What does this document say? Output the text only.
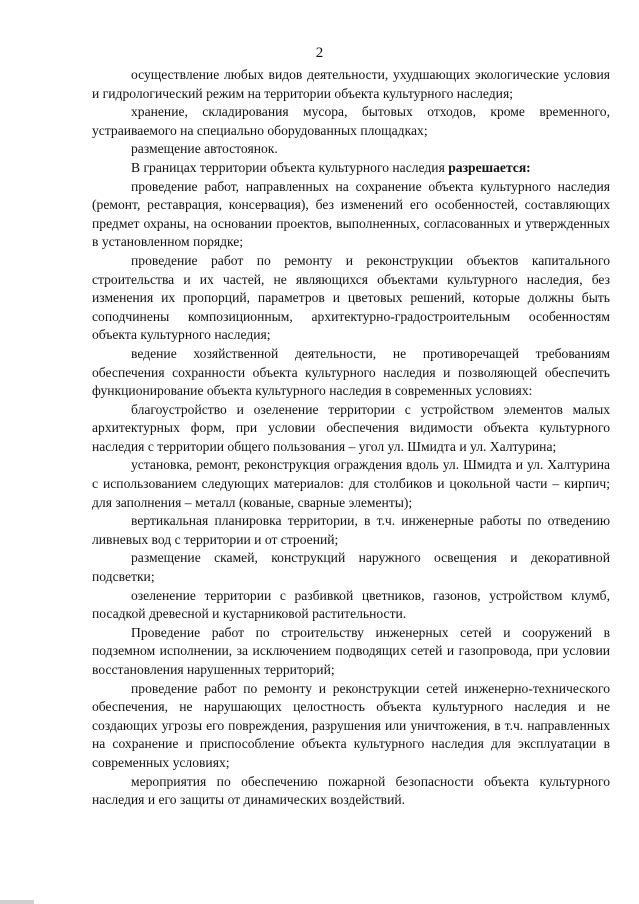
2

осуществление любых видов деятельности, ухудшающих экологические условия и гидрологический режим на территории объекта культурного наследия;

хранение, складирования мусора, бытовых отходов, кроме временного, устраиваемого на специально оборудованных площадках;

размещение автостоянок.

В границах территории объекта культурного наследия разрешается:

проведение работ, направленных на сохранение объекта культурного наследия (ремонт, реставрация, консервация), без изменений его особенностей, составляющих предмет охраны, на основании проектов, выполненных, согласованных и утвержденных в установленном порядке;

проведение работ по ремонту и реконструкции объектов капитального строительства и их частей, не являющихся объектами культурного наследия, без изменения их пропорций, параметров и цветовых решений, которые должны быть соподчинены композиционным, архитектурно-градостроительным особенностям объекта культурного наследия;

ведение хозяйственной деятельности, не противоречащей требованиям обеспечения сохранности объекта культурного наследия и позволяющей обеспечить функционирование объекта культурного наследия в современных условиях:

благоустройство и озеленение территории с устройством элементов малых архитектурных форм, при условии обеспечения видимости объекта культурного наследия с территории общего пользования – угол ул. Шмидта и ул. Халтурина;

установка, ремонт, реконструкция ограждения вдоль ул. Шмидта и ул. Халтурина с использованием следующих материалов: для столбиков и цокольной части – кирпич; для заполнения – металл (кованые, сварные элементы);

вертикальная планировка территории, в т.ч. инженерные работы по отведению ливневых вод с территории и от строений;

размещение скамей, конструкций наружного освещения и декоративной подсветки;

озеленение территории с разбивкой цветников, газонов, устройством клумб, посадкой древесной и кустарниковой растительности.

Проведение работ по строительству инженерных сетей и сооружений в подземном исполнении, за исключением подводящих сетей и газопровода, при условии восстановления нарушенных территорий;

проведение работ по ремонту и реконструкции сетей инженерно-технического обеспечения, не нарушающих целостность объекта культурного наследия и не создающих угрозы его повреждения, разрушения или уничтожения, в т.ч. направленных на сохранение и приспособление объекта культурного наследия для эксплуатации в современных условиях;

мероприятия по обеспечению пожарной безопасности объекта культурного наследия и его защиты от динамических воздействий.
